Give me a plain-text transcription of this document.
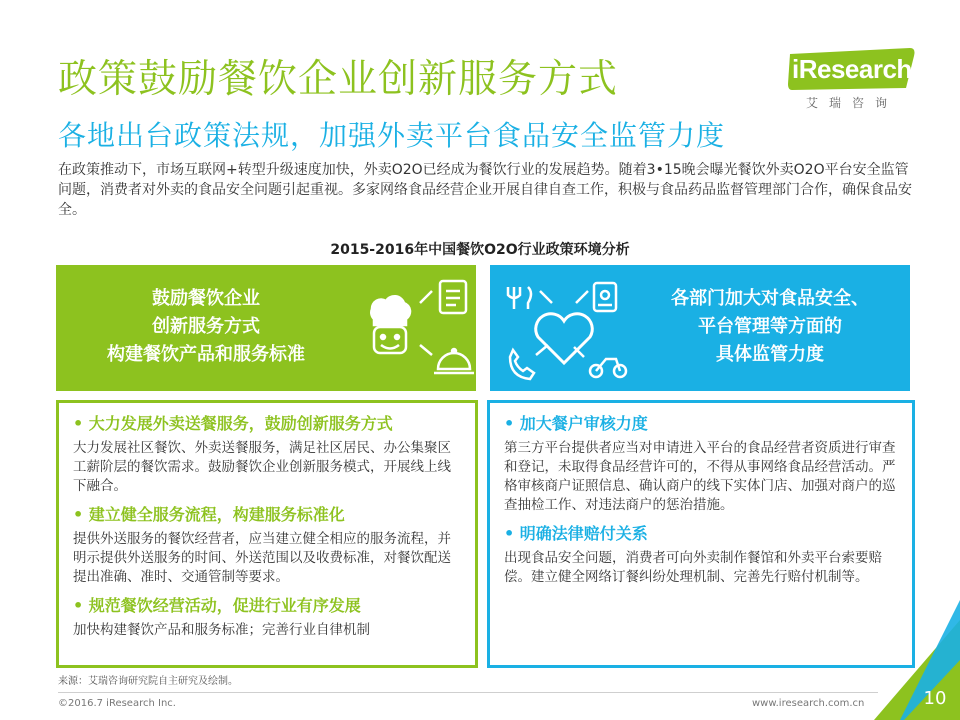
政策鼓励餐饮企业创新服务方式
各地出台政策法规，加强外卖平台食品安全监管力度
iResearch
艾瑞咨询
在政策推动下，市场互联网+转型升级速度加快，外卖O2O已经成为餐饮行业的发展趋势。随着3•15晚会曝光餐饮外卖O2O平台安全监管问题，消费者对外卖的食品安全问题引起重视。多家网络食品经营企业开展自律自查工作，积极与食品药品监督管理部门合作，确保食品安全。
2015-2016年中国餐饮O2O行业政策环境分析
鼓励餐饮企业
创新服务方式
构建餐饮产品和服务标准
各部门加大对食品安全、
平台管理等方面的
具体监管力度
• 大力发展外卖送餐服务，鼓励创新服务方式
大力发展社区餐饮、外卖送餐服务，满足社区居民、办公集聚区工薪阶层的餐饮需求。鼓励餐饮企业创新服务模式，开展线上线下融合。
• 建立健全服务流程，构建服务标准化
提供外送服务的餐饮经营者，应当建立健全相应的服务流程，并明示提供外送服务的时间、外送范围以及收费标准，对餐饮配送提出准确、准时、交通管制等要求。
• 规范餐饮经营活动，促进行业有序发展
加快构建餐饮产品和服务标准；完善行业自律机制
• 加大餐户审核力度
第三方平台提供者应当对申请进入平台的食品经营者资质进行审查和登记，未取得食品经营许可的，不得从事网络食品经营活动。严格审核商户证照信息、确认商户的线下实体门店、加强对商户的巡查抽检工作、对违法商户的惩治措施。
• 明确法律赔付关系
出现食品安全问题，消费者可向外卖制作餐馆和外卖平台索要赔偿。建立健全网络订餐纠纷处理机制、完善先行赔付机制等。
来源：艾瑞咨询研究院自主研究及绘制。
©2016.7 iResearch Inc.	www.iresearch.com.cn	10
